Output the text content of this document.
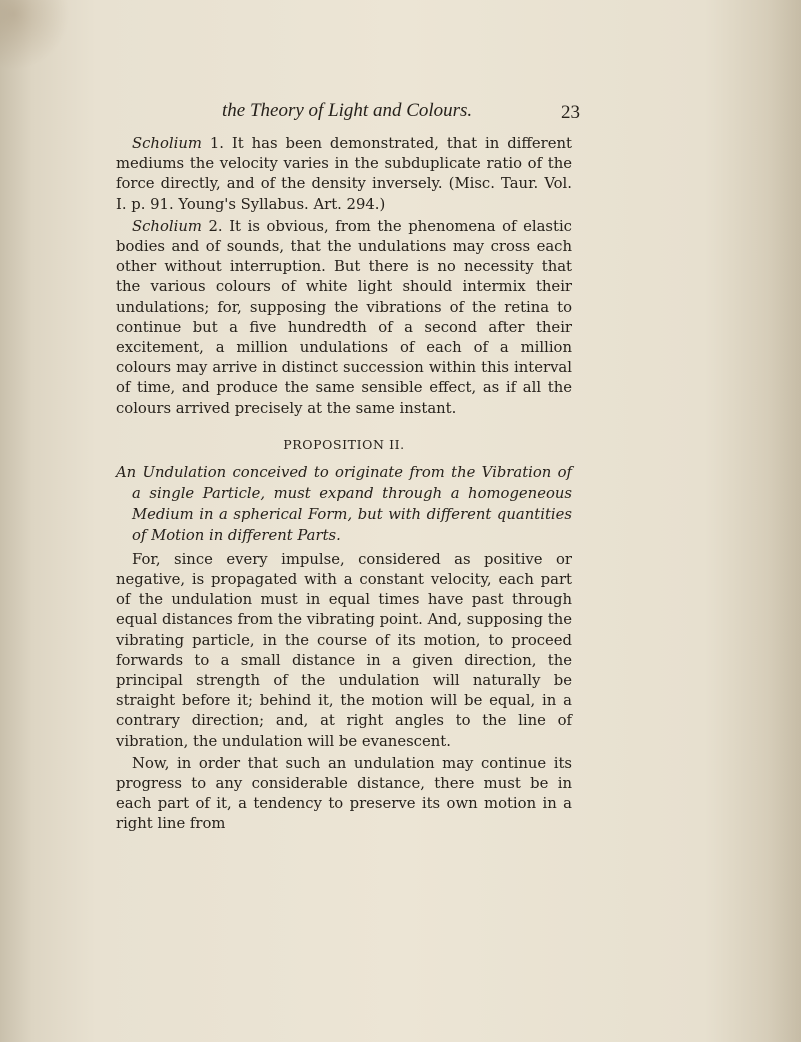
the Theory of Light and Colours.	23

Scholium 1. It has been demonstrated, that in different mediums the velocity varies in the subduplicate ratio of the force directly, and of the density inversely. (Misc. Taur. Vol. I. p. 91. Young's Syllabus. Art. 294.)

Scholium 2. It is obvious, from the phenomena of elastic bodies and of sounds, that the undulations may cross each other without interruption. But there is no necessity that the various colours of white light should intermix their undulations; for, supposing the vibrations of the retina to continue but a five hundredth of a second after their excitement, a million undulations of each of a million colours may arrive in distinct succession within this interval of time, and produce the same sensible effect, as if all the colours arrived precisely at the same instant.

PROPOSITION II.

An Undulation conceived to originate from the Vibration of a single Particle, must expand through a homogeneous Medium in a spherical Form, but with different quantities of Motion in different Parts.

For, since every impulse, considered as positive or negative, is propagated with a constant velocity, each part of the undulation must in equal times have past through equal distances from the vibrating point. And, supposing the vibrating particle, in the course of its motion, to proceed forwards to a small distance in a given direction, the principal strength of the undulation will naturally be straight before it; behind it, the motion will be equal, in a contrary direction; and, at right angles to the line of vibration, the undulation will be evanescent.

Now, in order that such an undulation may continue its progress to any considerable distance, there must be in each part of it, a tendency to preserve its own motion in a right line from
